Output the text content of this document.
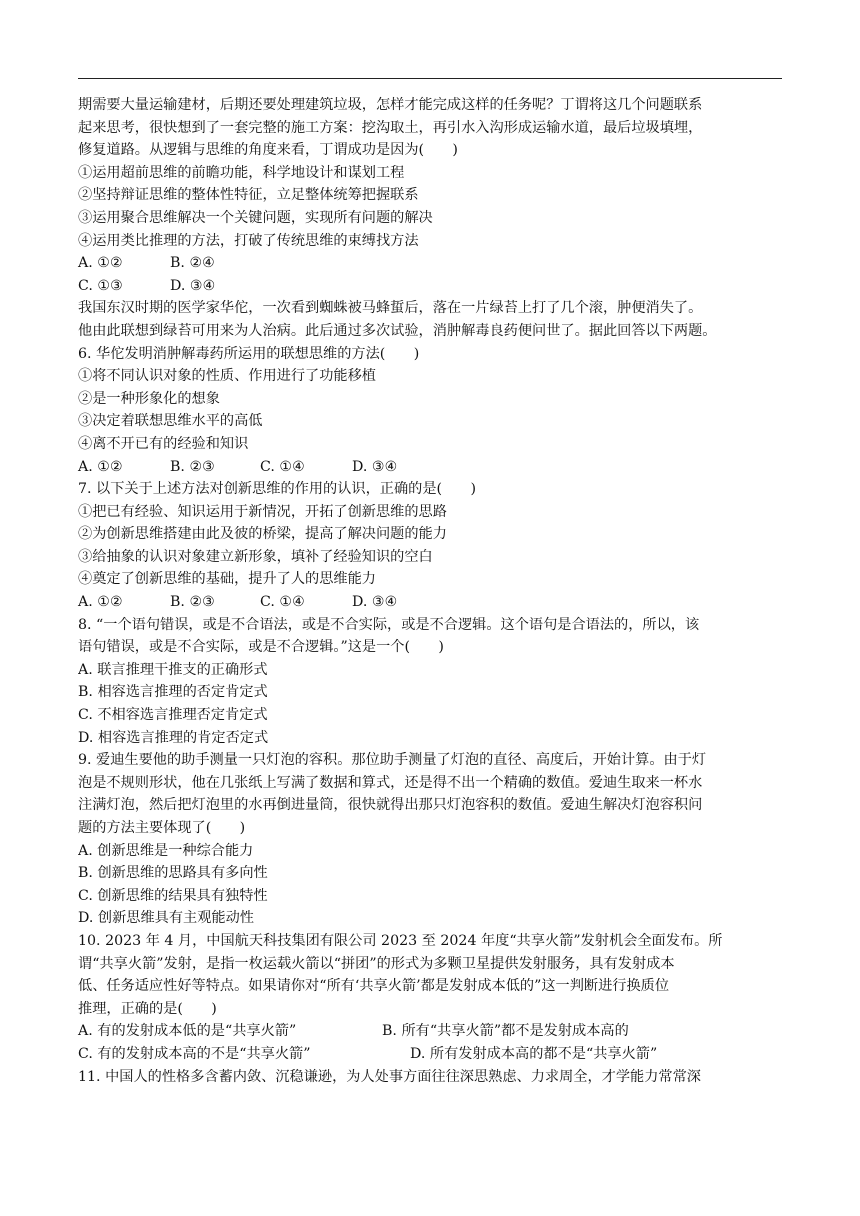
期需要大量运输建材，后期还要处理建筑垃圾，怎样才能完成这样的任务呢？丁谓将这几个问题联系
起来思考，很快想到了一套完整的施工方案：挖沟取土，再引水入沟形成运输水道，最后垃圾填埋，
修复道路。从逻辑与思维的角度来看，丁谓成功是因为(　　)
①运用超前思维的前瞻功能，科学地设计和谋划工程
②坚持辩证思维的整体性特征，立足整体统筹把握联系
③运用聚合思维解决一个关键问题，实现所有问题的解决
④运用类比推理的方法，打破了传统思维的束缚找方法
A. ①②	B. ②④
C. ①③	D. ③④
我国东汉时期的医学家华佗，一次看到蜘蛛被马蜂蜇后，落在一片绿苔上打了几个滚，肿便消失了。
他由此联想到绿苔可用来为人治病。此后通过多次试验，消肿解毒良药便问世了。据此回答以下两题。
6. 华佗发明消肿解毒药所运用的联想思维的方法(　　)
①将不同认识对象的性质、作用进行了功能移植
②是一种形象化的想象
③决定着联想思维水平的高低
④离不开已有的经验和知识
A. ①②	B. ②③	C. ①④	D. ③④
7. 以下关于上述方法对创新思维的作用的认识，正确的是(　　)
①把已有经验、知识运用于新情况，开拓了创新思维的思路
②为创新思维搭建由此及彼的桥梁，提高了解决问题的能力
③给抽象的认识对象建立新形象，填补了经验知识的空白
④奠定了创新思维的基础，提升了人的思维能力
A. ①②	B. ②③	C. ①④	D. ③④
8. “一个语句错误，或是不合语法，或是不合实际，或是不合逻辑。这个语句是合语法的，所以，该
语句错误，或是不合实际，或是不合逻辑。”这是一个(　　)
A. 联言推理干推支的正确形式
B. 相容选言推理的否定肯定式
C. 不相容选言推理否定肯定式
D. 相容选言推理的肯定否定式
9. 爱迪生要他的助手测量一只灯泡的容积。那位助手测量了灯泡的直径、高度后，开始计算。由于灯
泡是不规则形状，他在几张纸上写满了数据和算式，还是得不出一个精确的数值。爱迪生取来一杯水
注满灯泡，然后把灯泡里的水再倒进量筒，很快就得出那只灯泡容积的数值。爱迪生解决灯泡容积问
题的方法主要体现了(　　)
A. 创新思维是一种综合能力
B. 创新思维的思路具有多向性
C. 创新思维的结果具有独特性
D. 创新思维具有主观能动性
10. 2023 年 4 月，中国航天科技集团有限公司 2023 至 2024 年度“共享火箭”发射机会全面发布。所
谓“共享火箭”发射，是指一枚运载火箭以“拼团”的形式为多颗卫星提供发射服务，具有发射成本
低、任务适应性好等特点。如果请你对“所有‘共享火箭’都是发射成本低的”这一判断进行换质位
推理，正确的是(　　)
A. 有的发射成本低的是“共享火箭”	B. 所有“共享火箭”都不是发射成本高的
C. 有的发射成本高的不是“共享火箭”	D. 所有发射成本高的都不是“共享火箭”
11. 中国人的性格多含蓄内敛、沉稳谦逊，为人处事方面往往深思熟虑、力求周全，才学能力常常深
